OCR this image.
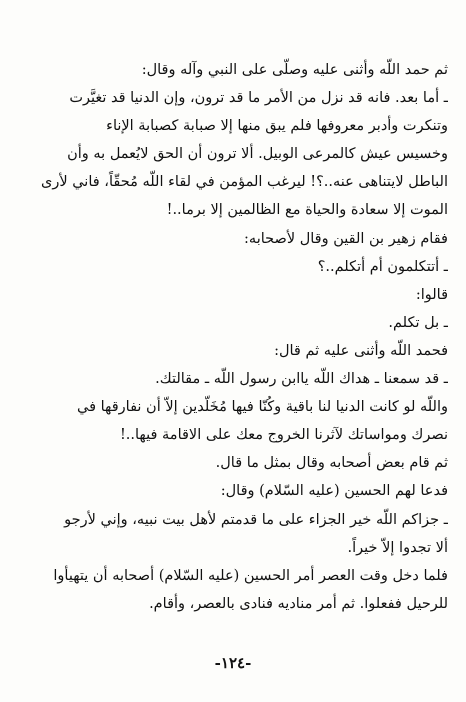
ثم حمد اللّه وأثنى عليه وصلّى على النبي وآله وقال:
ـ أما بعد. فانه قد نزل من الأمر ما قد ترون، وإن الدنيا قد تغيَّرت
وتنكرت وأدبر معروفها فلم يبق منها إلا صبابة كصبابة الإناء
وخسيس عيش كالمرعى الوبيل. ألا ترون أن الحق لايُعمل به وأن
الباطل لايتناهى عنه..؟! ليرغب المؤمن في لقاء اللّه مُحقّاً، فاني لأرى
الموت إلا سعادة والحياة مع الظالمين إلا برما..!
فقام زهير بن القين وقال لأصحابه:
ـ أتتكلمون أم أتكلم..؟
قالوا:
ـ بل تكلم.
فحمد اللّه وأثنى عليه ثم قال:
ـ قد سمعنا ـ هداك اللّه ياابن رسول اللّه ـ مقالتك.
واللّه لو كانت الدنيا لنا باقية وكُنّا فيها مُخَلّدين إلاّ أن نفارقها في
نصرك ومواساتك لآثرنا الخروج معك على الاقامة فيها..!
ثم قام بعض أصحابه وقال بمثل ما قال.
فدعا لهم الحسين (عليه السّلام) وقال:
ـ جزاكم اللّه خير الجزاء على ما قدمتم لأهل بيت نبيه، وإني لأرجو
ألا تجدوا إلاّ خيراً.
فلما دخل وقت العصر أمر الحسين (عليه السّلام) أصحابه أن يتهيأوا
للرحيل ففعلوا. ثم أمر مناديه فنادى بالعصر، وأقام.
-١٢٤-
